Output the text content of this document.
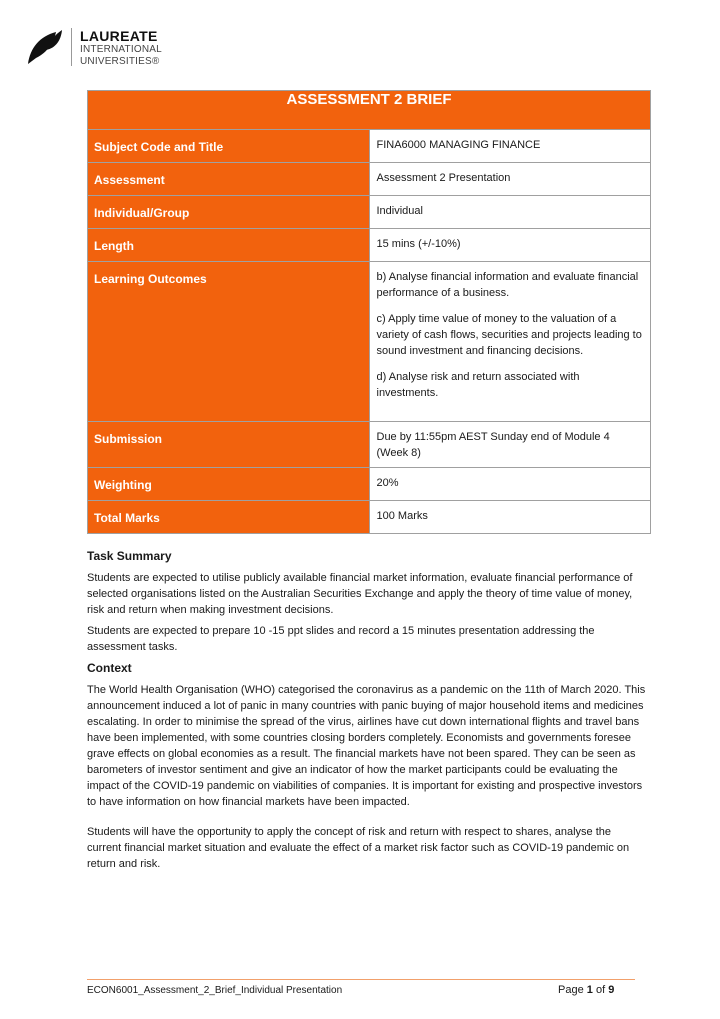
LAUREATE
INTERNATIONAL
UNIVERSITIES®
ASSESSMENT 2 BRIEF	
Subject Code and Title	FINA6000 MANAGING FINANCE
Assessment	Assessment 2 Presentation
Individual/Group	Individual
Length	15 mins (+/-10%)
Learning Outcomes	b) Analyse financial information and evaluate financial performance of a business.

c) Apply time value of money to the valuation of a variety of cash flows, securities and projects leading to sound investment and financing decisions.

d) Analyse risk and return associated with investments.

Submission	Due by 11:55pm AEST Sunday end of Module 4 (Week 8)
Weighting	20%
Total Marks	100 Marks
Task Summary

Students are expected to utilise publicly available financial market information, evaluate financial performance of selected organisations listed on the Australian Securities Exchange and apply the theory of time value of money, risk and return when making investment decisions.

Students are expected to prepare 10 -15 ppt slides and record a 15 minutes presentation addressing the assessment tasks.

Context

The World Health Organisation (WHO) categorised the coronavirus as a pandemic on the 11th of March 2020. This announcement induced a lot of panic in many countries with panic buying of major household items and medicines escalating. In order to minimise the spread of the virus, airlines have cut down international flights and travel bans have been implemented, with some countries closing borders completely. Economists and governments foresee grave effects on global economies as a result. The financial markets have not been spared. They can be seen as barometers of investor sentiment and give an indicator of how the market participants could be evaluating the impact of the COVID-19 pandemic on viabilities of companies. It is important for existing and prospective investors to have information on how financial markets have been impacted.

Students will have the opportunity to apply the concept of risk and return with respect to shares, analyse the current financial market situation and evaluate the effect of a market risk factor such as COVID-19 pandemic on return and risk.

ECON6001_Assessment_2_Brief_Individual Presentation	Page 1 of 9
